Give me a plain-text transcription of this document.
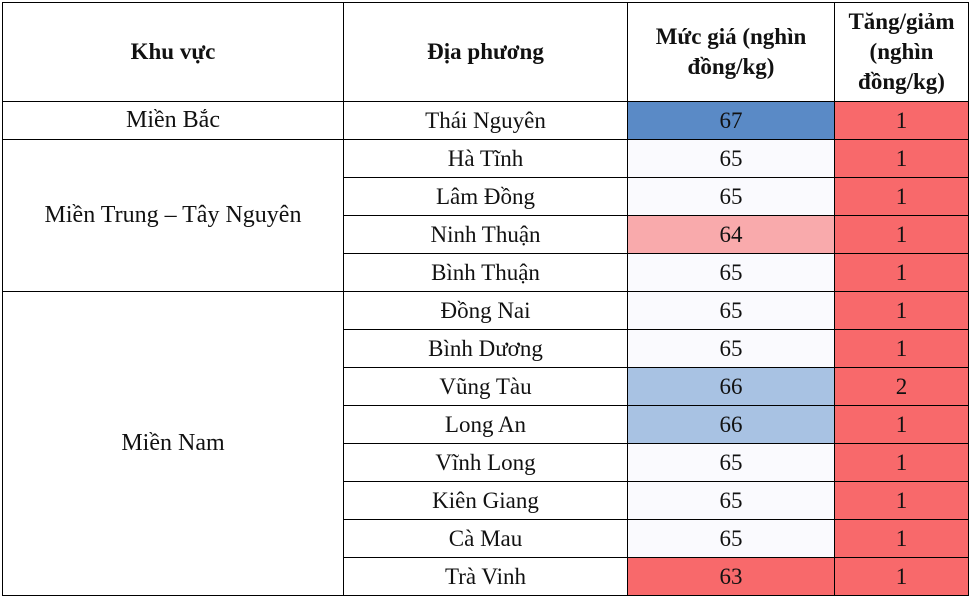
Khu vực	Địa phương	Mức giá (nghìn đồng/kg)	Tăng/giảm (nghìn đồng/kg)
Miền Bắc	Thái Nguyên	67	1
Miền Trung – Tây Nguyên	Hà Tĩnh	65	1
	Lâm Đồng	65	1
	Ninh Thuận	64	1
	Bình Thuận	65	1
Miền Nam	Đồng Nai	65	1
	Bình Dương	65	1
	Vũng Tàu	66	2
	Long An	66	1
	Vĩnh Long	65	1
	Kiên Giang	65	1
	Cà Mau	65	1
	Trà Vinh	63	1
